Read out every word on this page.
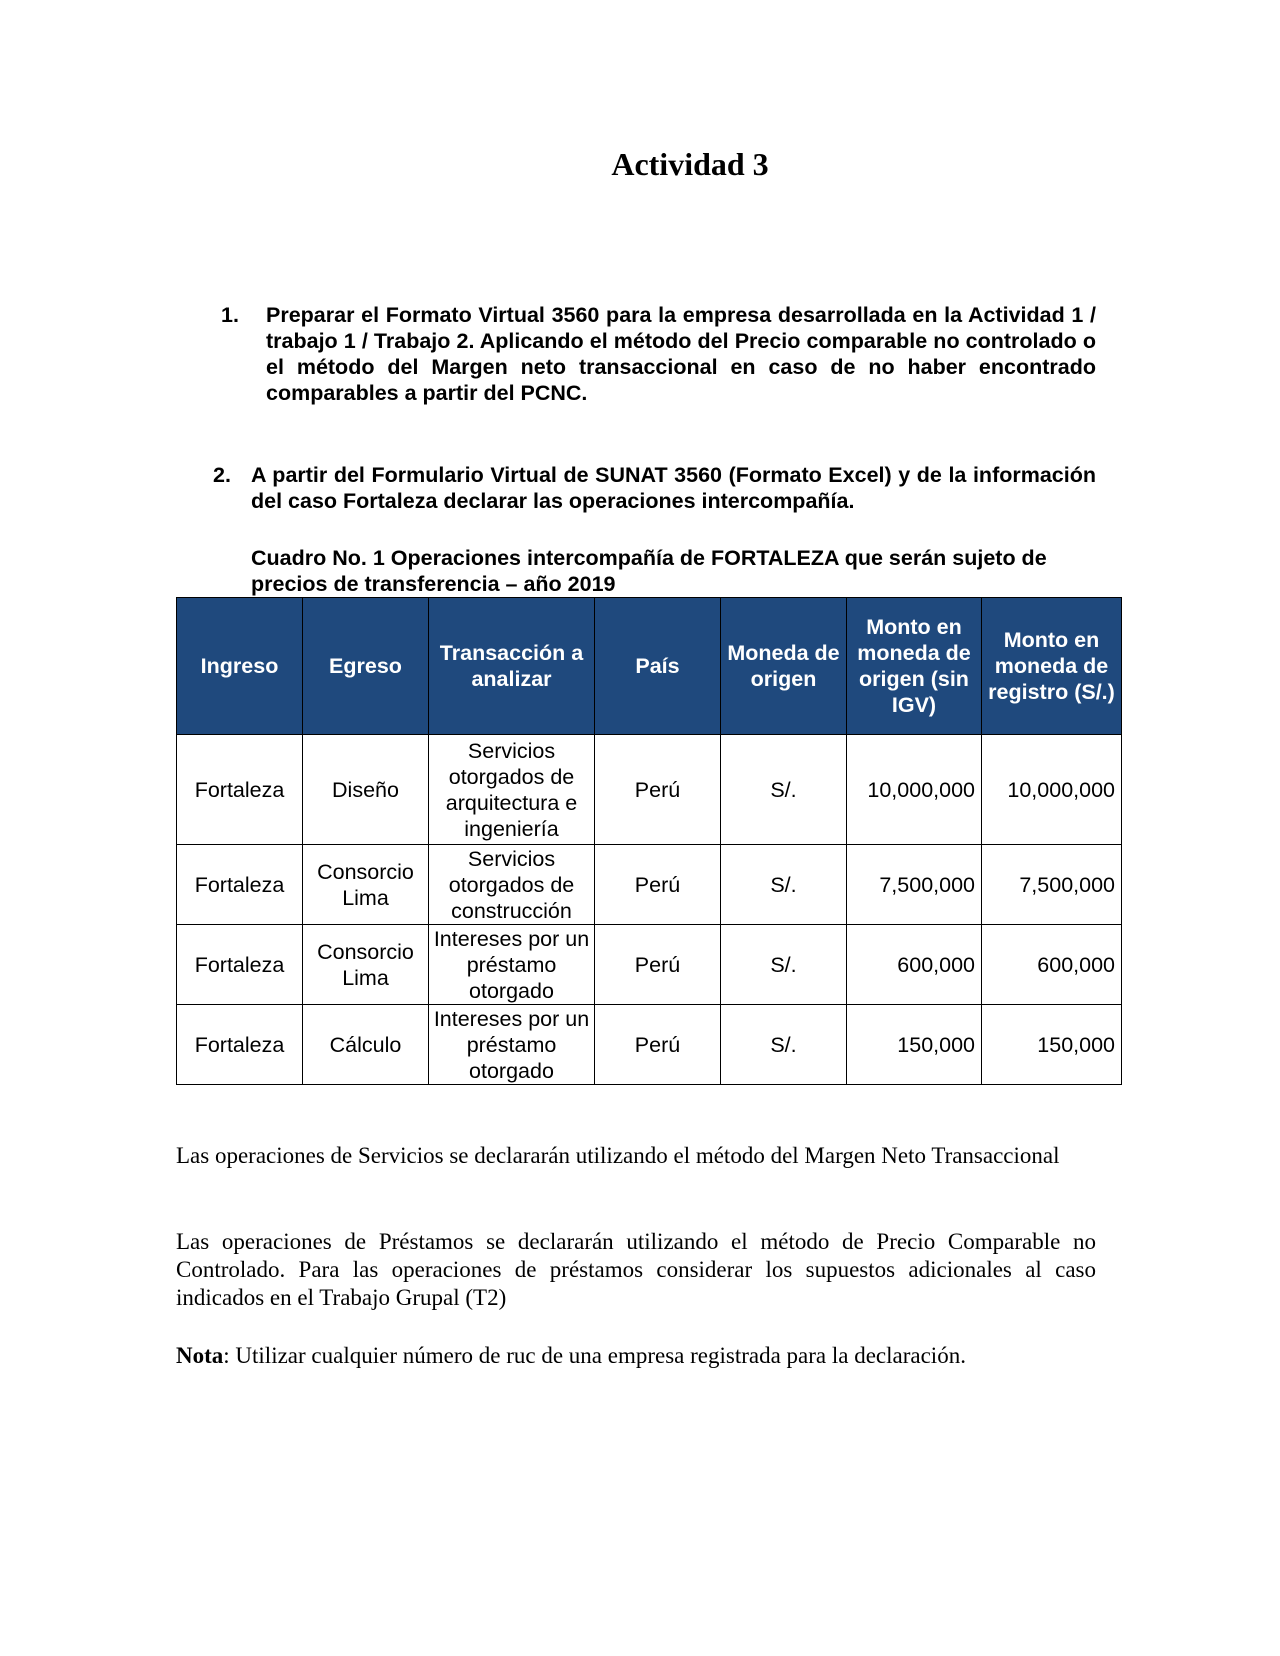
Actividad 3
1. Preparar el Formato Virtual 3560 para la empresa desarrollada en la Actividad 1 / trabajo 1 / Trabajo 2. Aplicando el método del Precio comparable no controlado o el método del Margen neto transaccional en caso de no haber encontrado comparables a partir del PCNC.
2. A partir del Formulario Virtual de SUNAT 3560 (Formato Excel) y de la información del caso Fortaleza declarar las operaciones intercompañía.
Cuadro No. 1 Operaciones intercompañía de FORTALEZA que serán sujeto de precios de transferencia – año 2019
Ingreso	Egreso	Transacción a analizar	País	Moneda de origen	Monto en moneda de origen (sin IGV)	Monto en moneda de registro (S/.)
Fortaleza	Diseño	Servicios otorgados de arquitectura e ingeniería	Perú	S/.	10,000,000	10,000,000
Fortaleza	Consorcio Lima	Servicios otorgados de construcción	Perú	S/.	7,500,000	7,500,000
Fortaleza	Consorcio Lima	Intereses por un préstamo otorgado	Perú	S/.	600,000	600,000
Fortaleza	Cálculo	Intereses por un préstamo otorgado	Perú	S/.	150,000	150,000
Las operaciones de Servicios se declararán utilizando el método del Margen Neto Transaccional
Las operaciones de Préstamos se declararán utilizando el método de Precio Comparable no Controlado. Para las operaciones de préstamos considerar los supuestos adicionales al caso indicados en el Trabajo Grupal (T2)
Nota: Utilizar cualquier número de ruc de una empresa registrada para la declaración.
